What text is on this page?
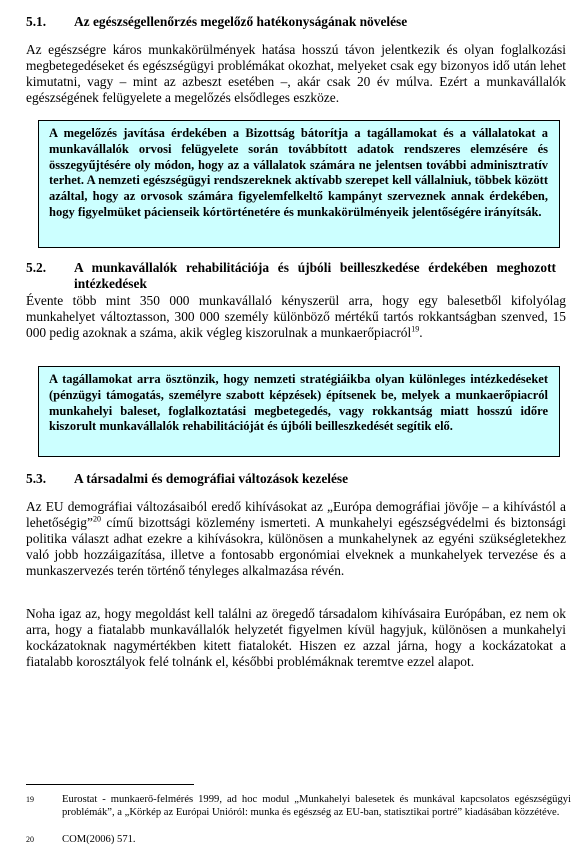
5.1. Az egészségellenőrzés megelőző hatékonyságának növelése

Az egészségre káros munkakörülmények hatása hosszú távon jelentkezik és olyan foglalkozási megbetegedéseket és egészségügyi problémákat okozhat, melyeket csak egy bizonyos idő után lehet kimutatni, vagy – mint az azbeszt esetében –, akár csak 20 év múlva. Ezért a munkavállalók egészségének felügyelete a megelőzés elsődleges eszköze.

A megelőzés javítása érdekében a Bizottság bátorítja a tagállamokat és a vállalatokat a munkavállalók orvosi felügyelete során továbbított adatok rendszeres elemzésére és összegyűjtésére oly módon, hogy az a vállalatok számára ne jelentsen további adminisztratív terhet. A nemzeti egészségügyi rendszereknek aktívabb szerepet kell vállalniuk, többek között azáltal, hogy az orvosok számára figyelemfelkeltő kampányt szerveznek annak érdekében, hogy figyelmüket pácienseik kórtörténetére és munkakörülményeik jelentőségére irányítsák.

5.2. A munkavállalók rehabilitációja és újbóli beilleszkedése érdekében meghozott intézkedések

Évente több mint 350 000 munkavállaló kényszerül arra, hogy egy balesetből kifolyólag munkahelyet változtasson, 300 000 személy különböző mértékű tartós rokkantságban szenved, 15 000 pedig azoknak a száma, akik végleg kiszorulnak a munkaerőpiacról$^{19}$.

A tagállamokat arra ösztönzik, hogy nemzeti stratégiáikba olyan különleges intézkedéseket (pénzügyi támogatás, személyre szabott képzések) építsenek be, melyek a munkaerőpiacról munkahelyi baleset, foglalkoztatási megbetegedés, vagy rokkantság miatt hosszú időre kiszorult munkavállalók rehabilitációját és újbóli beilleszkedését segítik elő.

5.3. A társadalmi és demográfiai változások kezelése

Az EU demográfiai változásaiból eredő kihívásokat az „Európa demográfiai jövője – a kihívástól a lehetőségig”$^{20}$ című bizottsági közlemény ismerteti. A munkahelyi egészségvédelmi és biztonsági politika választ adhat ezekre a kihívásokra, különösen a munkahelynek az egyéni szükségletekhez való jobb hozzáigazítása, illetve a fontosabb ergonómiai elveknek a munkahelyek tervezése és a munkaszervezés terén történő tényleges alkalmazása révén.

Noha igaz az, hogy megoldást kell találni az öregedő társadalom kihívásaira Európában, ez nem ok arra, hogy a fiatalabb munkavállalók helyzetét figyelmen kívül hagyjuk, különösen a munkahelyi kockázatoknak nagymértékben kitett fiatalokét. Hiszen ez azzal járna, hogy a kockázatokat a fiatalabb korosztályok felé tolnánk el, későbbi problémáknak teremtve ezzel alapot.

19	Eurostat - munkaerő-felmérés 1999, ad hoc modul „Munkahelyi balesetek és munkával kapcsolatos egészségügyi problémák”, a „Körkép az Európai Unióról: munka és egészség az EU-ban, statisztikai portré” kiadásában közzétéve.
20	COM(2006) 571.
